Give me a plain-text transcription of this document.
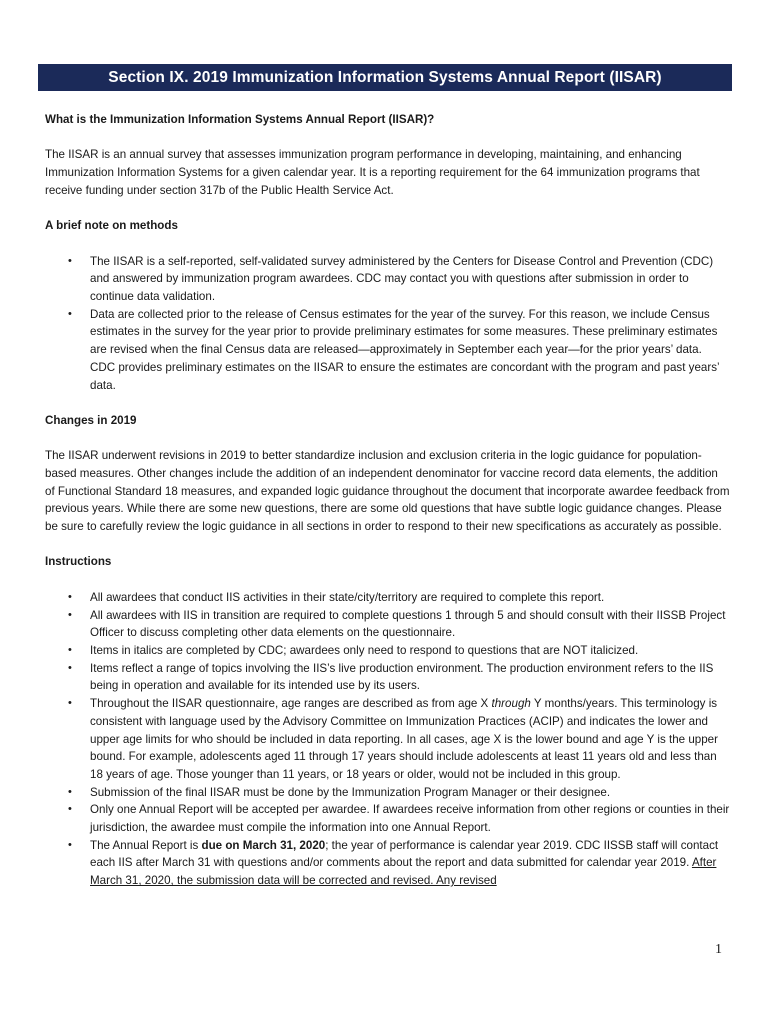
Section IX. 2019 Immunization Information Systems Annual Report (IISAR)

What is the Immunization Information Systems Annual Report (IISAR)?

The IISAR is an annual survey that assesses immunization program performance in developing, maintaining, and enhancing Immunization Information Systems for a given calendar year. It is a reporting requirement for the 64 immunization programs that receive funding under section 317b of the Public Health Service Act.

A brief note on methods

• The IISAR is a self-reported, self-validated survey administered by the Centers for Disease Control and Prevention (CDC) and answered by immunization program awardees. CDC may contact you with questions after submission in order to continue data validation.
• Data are collected prior to the release of Census estimates for the year of the survey. For this reason, we include Census estimates in the survey for the year prior to provide preliminary estimates for some measures. These preliminary estimates are revised when the final Census data are released—approximately in September each year—for the prior years’ data. CDC provides preliminary estimates on the IISAR to ensure the estimates are concordant with the program and past years’ data.

Changes in 2019

The IISAR underwent revisions in 2019 to better standardize inclusion and exclusion criteria in the logic guidance for population-based measures. Other changes include the addition of an independent denominator for vaccine record data elements, the addition of Functional Standard 18 measures, and expanded logic guidance throughout the document that incorporate awardee feedback from previous years. While there are some new questions, there are some old questions that have subtle logic guidance changes. Please be sure to carefully review the logic guidance in all sections in order to respond to their new specifications as accurately as possible.

Instructions

• All awardees that conduct IIS activities in their state/city/territory are required to complete this report.
• All awardees with IIS in transition are required to complete questions 1 through 5 and should consult with their IISSB Project Officer to discuss completing other data elements on the questionnaire.
• Items in italics are completed by CDC; awardees only need to respond to questions that are NOT italicized.
• Items reflect a range of topics involving the IIS’s live production environment. The production environment refers to the IIS being in operation and available for its intended use by its users.
• Throughout the IISAR questionnaire, age ranges are described as from age X through Y months/years. This terminology is consistent with language used by the Advisory Committee on Immunization Practices (ACIP) and indicates the lower and upper age limits for who should be included in data reporting. In all cases, age X is the lower bound and age Y is the upper bound. For example, adolescents aged 11 through 17 years should include adolescents at least 11 years old and less than 18 years of age. Those younger than 11 years, or 18 years or older, would not be included in this group.
• Submission of the final IISAR must be done by the Immunization Program Manager or their designee.
• Only one Annual Report will be accepted per awardee. If awardees receive information from other regions or counties in their jurisdiction, the awardee must compile the information into one Annual Report.
• The Annual Report is due on March 31, 2020; the year of performance is calendar year 2019. CDC IISSB staff will contact each IIS after March 31 with questions and/or comments about the report and data submitted for calendar year 2019. After March 31, 2020, the submission data will be corrected and revised. Any revised
1
